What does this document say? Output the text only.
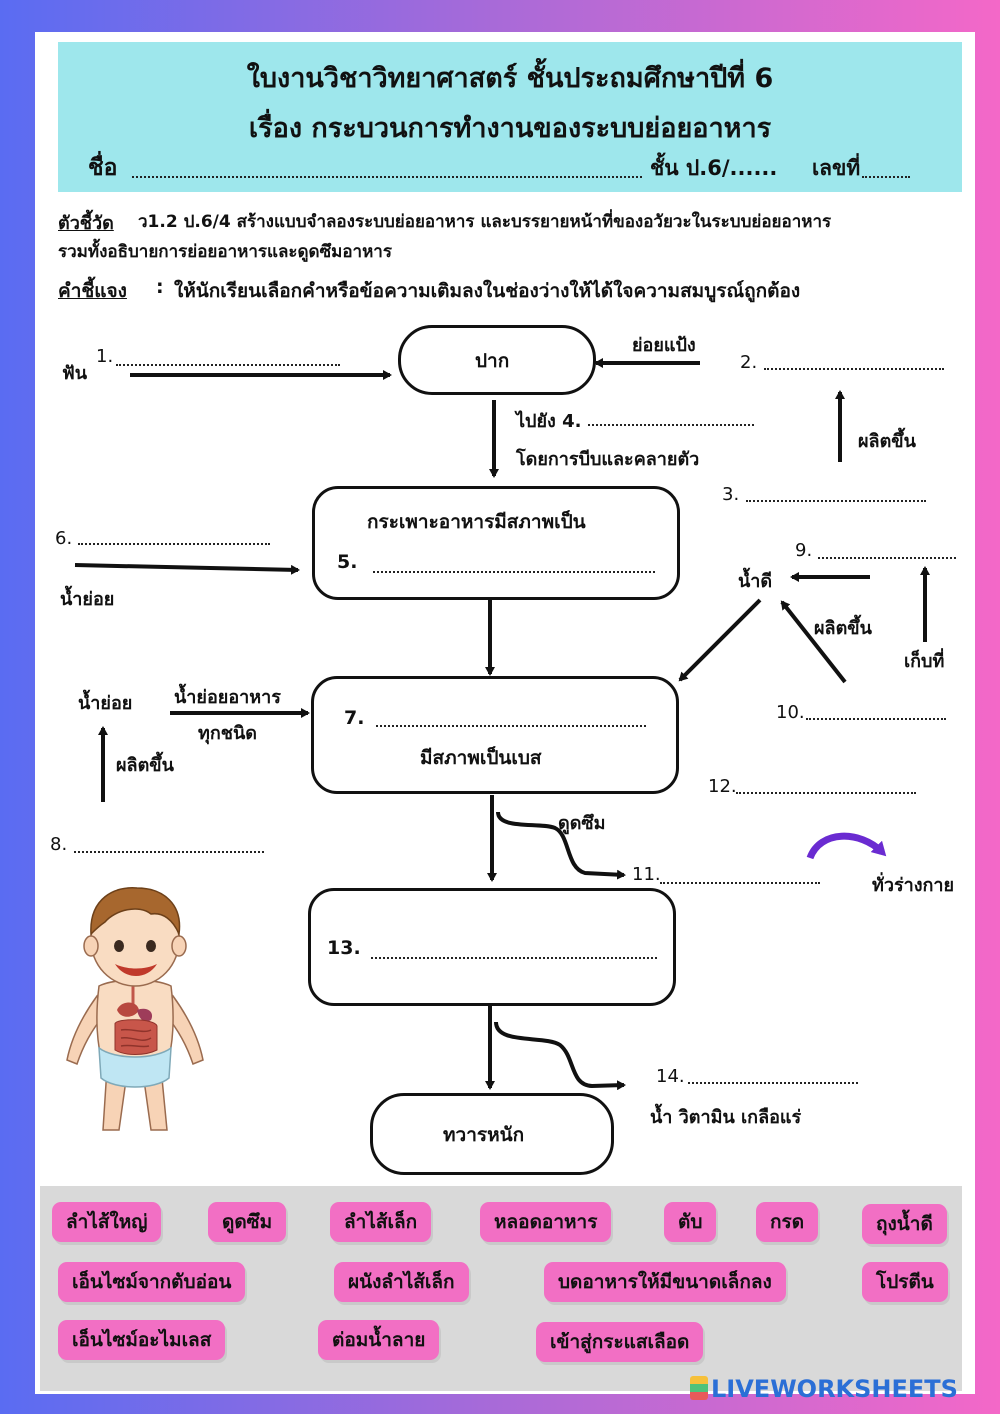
ใบงานวิชาวิทยาศาสตร์ ชั้นประถมศึกษาปีที่ 6
เรื่อง กระบวนการทำงานของระบบย่อยอาหาร
ชื่อ	ชั้น ป.6/...... เลขที่
ตัวชี้วัด ว1.2 ป.6/4 สร้างแบบจำลองระบบย่อยอาหาร และบรรยายหน้าที่ของอวัยวะในระบบย่อยอาหาร
รวมทั้งอธิบายการย่อยอาหารและดูดซึมอาหาร
คำชี้แจง : ให้นักเรียนเลือกคำหรือข้อความเติมลงในช่องว่างให้ได้ใจความสมบูรณ์ถูกต้อง
ปาก
กระเพาะอาหารมีสภาพเป็น
5.
7.
มีสภาพเป็นเบส
13.
ทวารหนัก
ฟัน
1.
ย่อยแป้ง
2.
ผลิตขึ้น
3.
ไปยัง 4.
โดยการบีบและคลายตัว
6.
น้ำย่อย
9.
น้ำดี
ผลิตขึ้น
เก็บที่
10.
น้ำย่อย น้ำย่อยอาหาร
ทุกชนิด
ผลิตขึ้น
8.
12.
ดูดซึม
11.
ทั่วร่างกาย
14.
น้ำ วิตามิน เกลือแร่
ลำไส้ใหญ่	ดูดซึม	ลำไส้เล็ก	หลอดอาหาร	ตับ	กรด	ถุงน้ำดี
เอ็นไซม์จากตับอ่อน	ผนังลำไส้เล็ก	บดอาหารให้มีขนาดเล็กลง	โปรตีน
เอ็นไซม์อะไมเลส	ต่อมน้ำลาย	เข้าสู่กระแสเลือด
LIVEWORKSHEETS
